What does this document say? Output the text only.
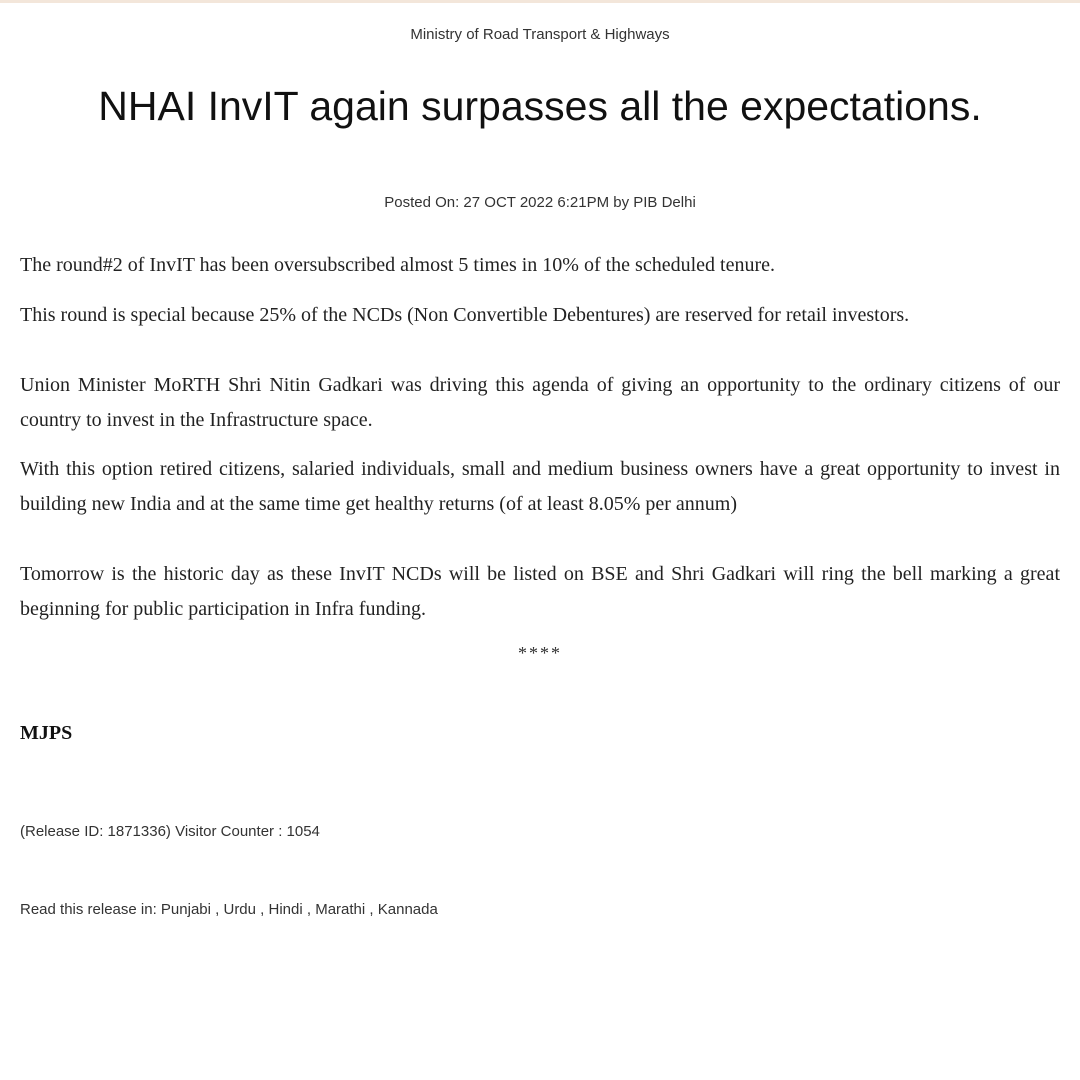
Ministry of Road Transport & Highways
NHAI InvIT again surpasses all the expectations.
Posted On: 27 OCT 2022 6:21PM by PIB Delhi

The round#2 of InvIT has been oversubscribed almost 5 times in 10% of the scheduled tenure.

This round is special because 25% of the NCDs (Non Convertible Debentures) are reserved for retail investors.

Union Minister MoRTH Shri Nitin Gadkari was driving this agenda of giving an opportunity to the ordinary citizens of our country to invest in the Infrastructure space.

With this option retired citizens, salaried individuals, small and medium business owners have a great opportunity to invest in building new India and at the same time get healthy returns (of at least 8.05% per annum)

Tomorrow is the historic day as these InvIT NCDs will be listed on BSE and Shri Gadkari will ring the bell marking a great beginning for public participation in Infra funding.

****
MJPS
(Release ID: 1871336) Visitor Counter : 1054
Read this release in: Punjabi , Urdu , Hindi , Marathi , Kannada
